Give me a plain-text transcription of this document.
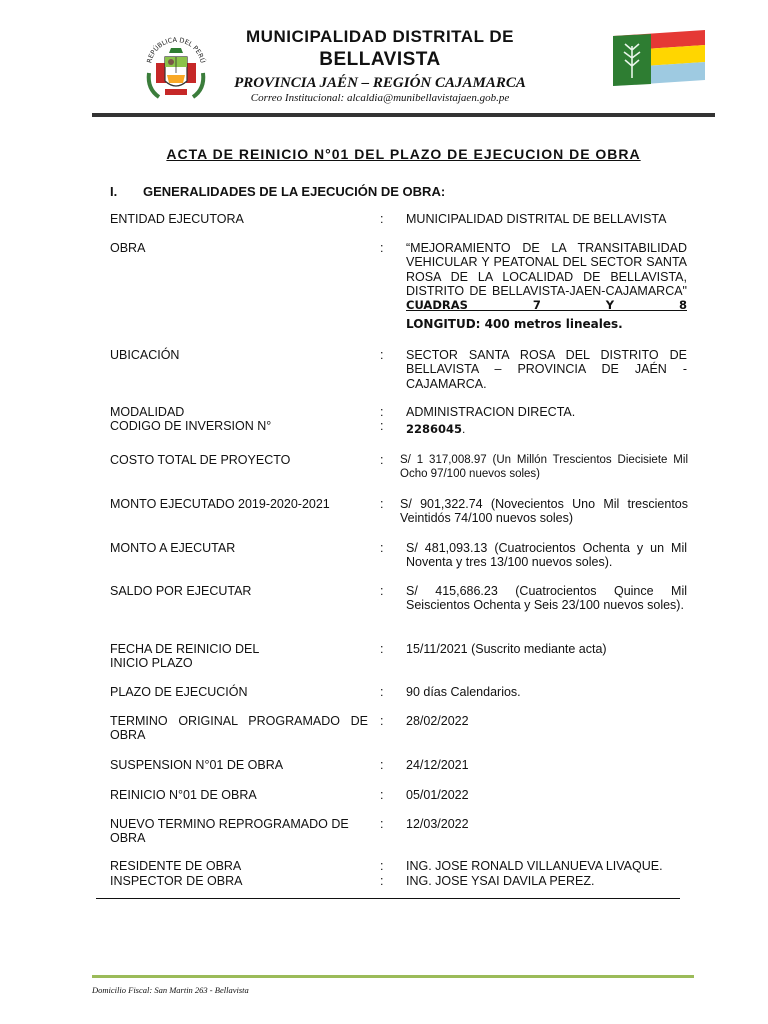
REPÚBLICA DEL PERÚ
MUNICIPALIDAD DISTRITAL DE
BELLAVISTA
PROVINCIA JAÉN – REGIÓN CAJAMARCA
Correo Institucional: alcaldia@munibellavistajaen.gob.pe
ACTA DE REINICIO N°01 DEL PLAZO DE EJECUCION DE OBRA
I. GENERALIDADES DE LA EJECUCIÓN DE OBRA:
ENTIDAD EJECUTORA	: MUNICIPALIDAD DISTRITAL DE BELLAVISTA
OBRA	: “MEJORAMIENTO DE LA TRANSITABILIDAD VEHICULAR Y PEATONAL DEL SECTOR SANTA ROSA DE LA LOCALIDAD DE BELLAVISTA, DISTRITO DE BELLAVISTA-JAEN-CAJAMARCA" CUADRAS 7 Y 8
LONGITUD: 400 metros lineales.
UBICACIÓN	: SECTOR SANTA ROSA DEL DISTRITO DE BELLAVISTA – PROVINCIA DE JAÉN - CAJAMARCA.
MODALIDAD	: ADMINISTRACION DIRECTA.
CODIGO DE INVERSION N°	: 2286045.
COSTO TOTAL DE PROYECTO	: S/ 1 317,008.97 (Un Millón Trescientos Diecisiete Mil Ocho 97/100 nuevos soles)
MONTO EJECUTADO 2019-2020-2021	: S/ 901,322.74 (Novecientos Uno Mil trescientos Veintidós 74/100 nuevos soles)
MONTO A EJECUTAR	: S/ 481,093.13 (Cuatrocientos Ochenta y un Mil Noventa y tres 13/100 nuevos soles).
SALDO POR EJECUTAR	: S/ 415,686.23 (Cuatrocientos Quince Mil Seiscientos Ochenta y Seis 23/100 nuevos soles).
FECHA DE REINICIO DEL
INICIO PLAZO
: 15/11/2021 (Suscrito mediante acta)
PLAZO DE EJECUCIÓN	: 90 días Calendarios.
TERMINO ORIGINAL PROGRAMADO DE OBRA
: 28/02/2022
SUSPENSION N°01 DE OBRA	: 24/12/2021
REINICIO N°01 DE OBRA	: 05/01/2022
NUEVO TERMINO REPROGRAMADO DE OBRA
: 12/03/2022
RESIDENTE DE OBRA	: ING. JOSE RONALD VILLANUEVA LIVAQUE.
INSPECTOR DE OBRA	: ING. JOSE YSAI DAVILA PEREZ.
Domicilio Fiscal: San Martin 263 - Bellavista
